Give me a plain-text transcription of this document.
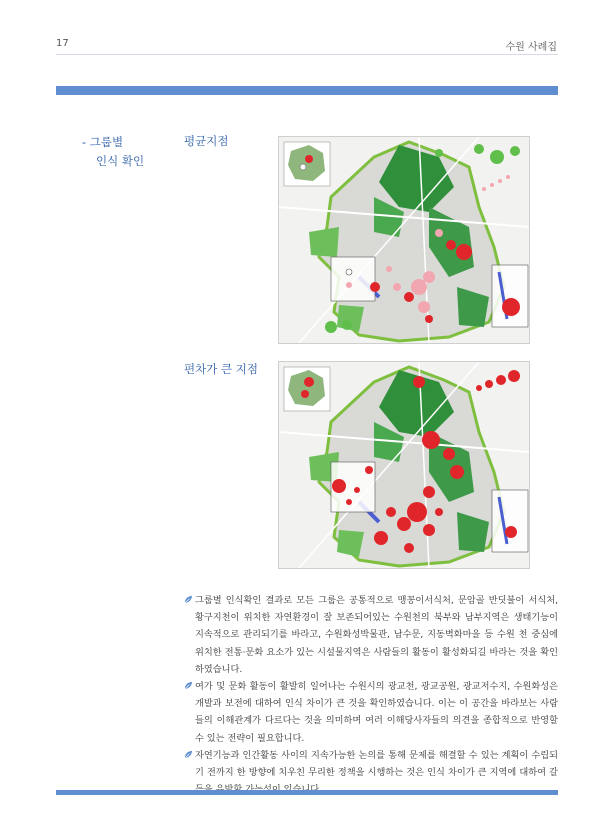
17	수원 사례집
- 그룹별
인식 확인
평균지점
편차가 큰 지점
그룹별 인식확인 결과로 모든 그룹은 공통적으로 맹꽁이서식처, 문암골 반딧불이 서식처, 황구지천이 위치한 자연환경이 잘 보존되어있는 수원천의 북부와 남부지역은 생태기능이 지속적으로 관리되기를 바라고, 수원화성박물관, 남수문, 지동벽화마을 등 수원 천 중심에 위치한 전통·문화 요소가 있는 시설물지역은 사람들의 활동이 활성화되길 바라는 것을 확인하였습니다.
여가 및 문화 활동이 활발히 일어나는 수원시의 광교천, 광교공원, 광교저수지, 수원화성은 개발과 보전에 대하여 인식 차이가 큰 것을 확인하였습니다. 이는 이 공간을 바라보는 사람들의 이해관계가 다르다는 것을 의미하며 여러 이해당사자들의 의견을 종합적으로 반영할 수 있는 전략이 필요합니다.
자연기능과 인간활동 사이의 지속가능한 논의를 통해 문제를 해결할 수 있는 계획이 수립되기 전까지 한 방향에 치우친 무리한 정책을 시행하는 것은 인식 차이가 큰 지역에 대하여 갈
